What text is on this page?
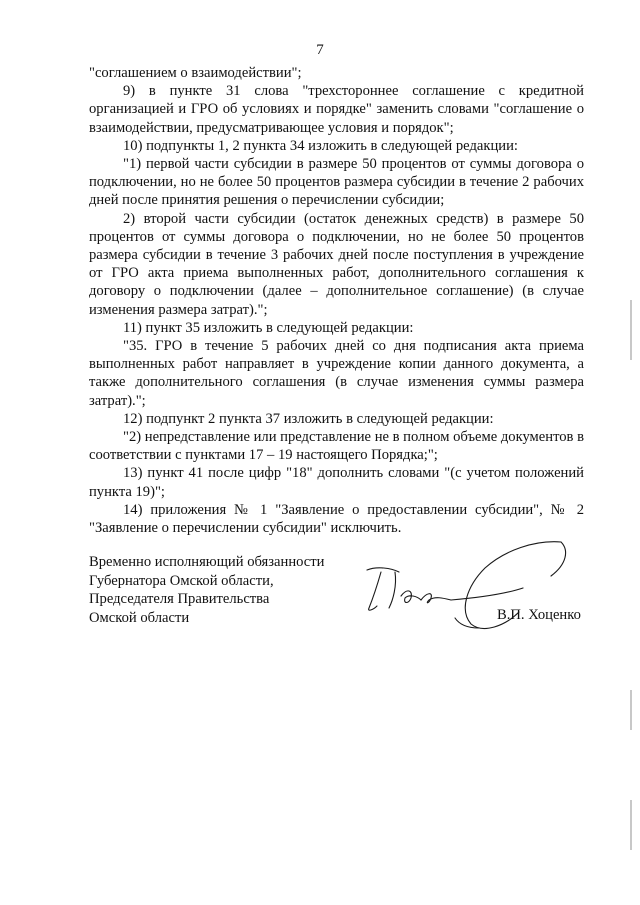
7

"соглашением о взаимодействии";

9) в пункте 31 слова "трехстороннее соглашение с кредитной организацией и ГРО об условиях и порядке" заменить словами "соглашение о взаимодействии, предусматривающее условия и порядок";

10) подпункты 1, 2 пункта 34 изложить в следующей редакции:

"1) первой части субсидии в размере 50 процентов от суммы договора о подключении, но не более 50 процентов размера субсидии в течение 2 рабочих дней после принятия решения о перечислении субсидии;

2) второй части субсидии (остаток денежных средств) в размере 50 процентов от суммы договора о подключении, но не более 50 процентов размера субсидии в течение 3 рабочих дней после поступления в учреждение от ГРО акта приема выполненных работ, дополнительного соглашения к договору о подключении (далее – дополнительное соглашение) (в случае изменения размера затрат).";

11) пункт 35 изложить в следующей редакции:

"35. ГРО в течение 5 рабочих дней со дня подписания акта приема выполненных работ направляет в учреждение копии данного документа, а также дополнительного соглашения (в случае изменения суммы размера затрат).";

12) подпункт 2 пункта 37 изложить в следующей редакции:

"2) непредставление или представление не в полном объеме документов в соответствии с пунктами 17 – 19 настоящего Порядка;";

13) пункт 41 после цифр "18" дополнить словами "(с учетом положений пункта 19)";

14) приложения № 1 "Заявление о предоставлении субсидии", № 2 "Заявление о перечислении субсидии" исключить.

Временно исполняющий обязанности
Губернатора Омской области,
Председателя Правительства
Омской области	В.П. Хоценко
